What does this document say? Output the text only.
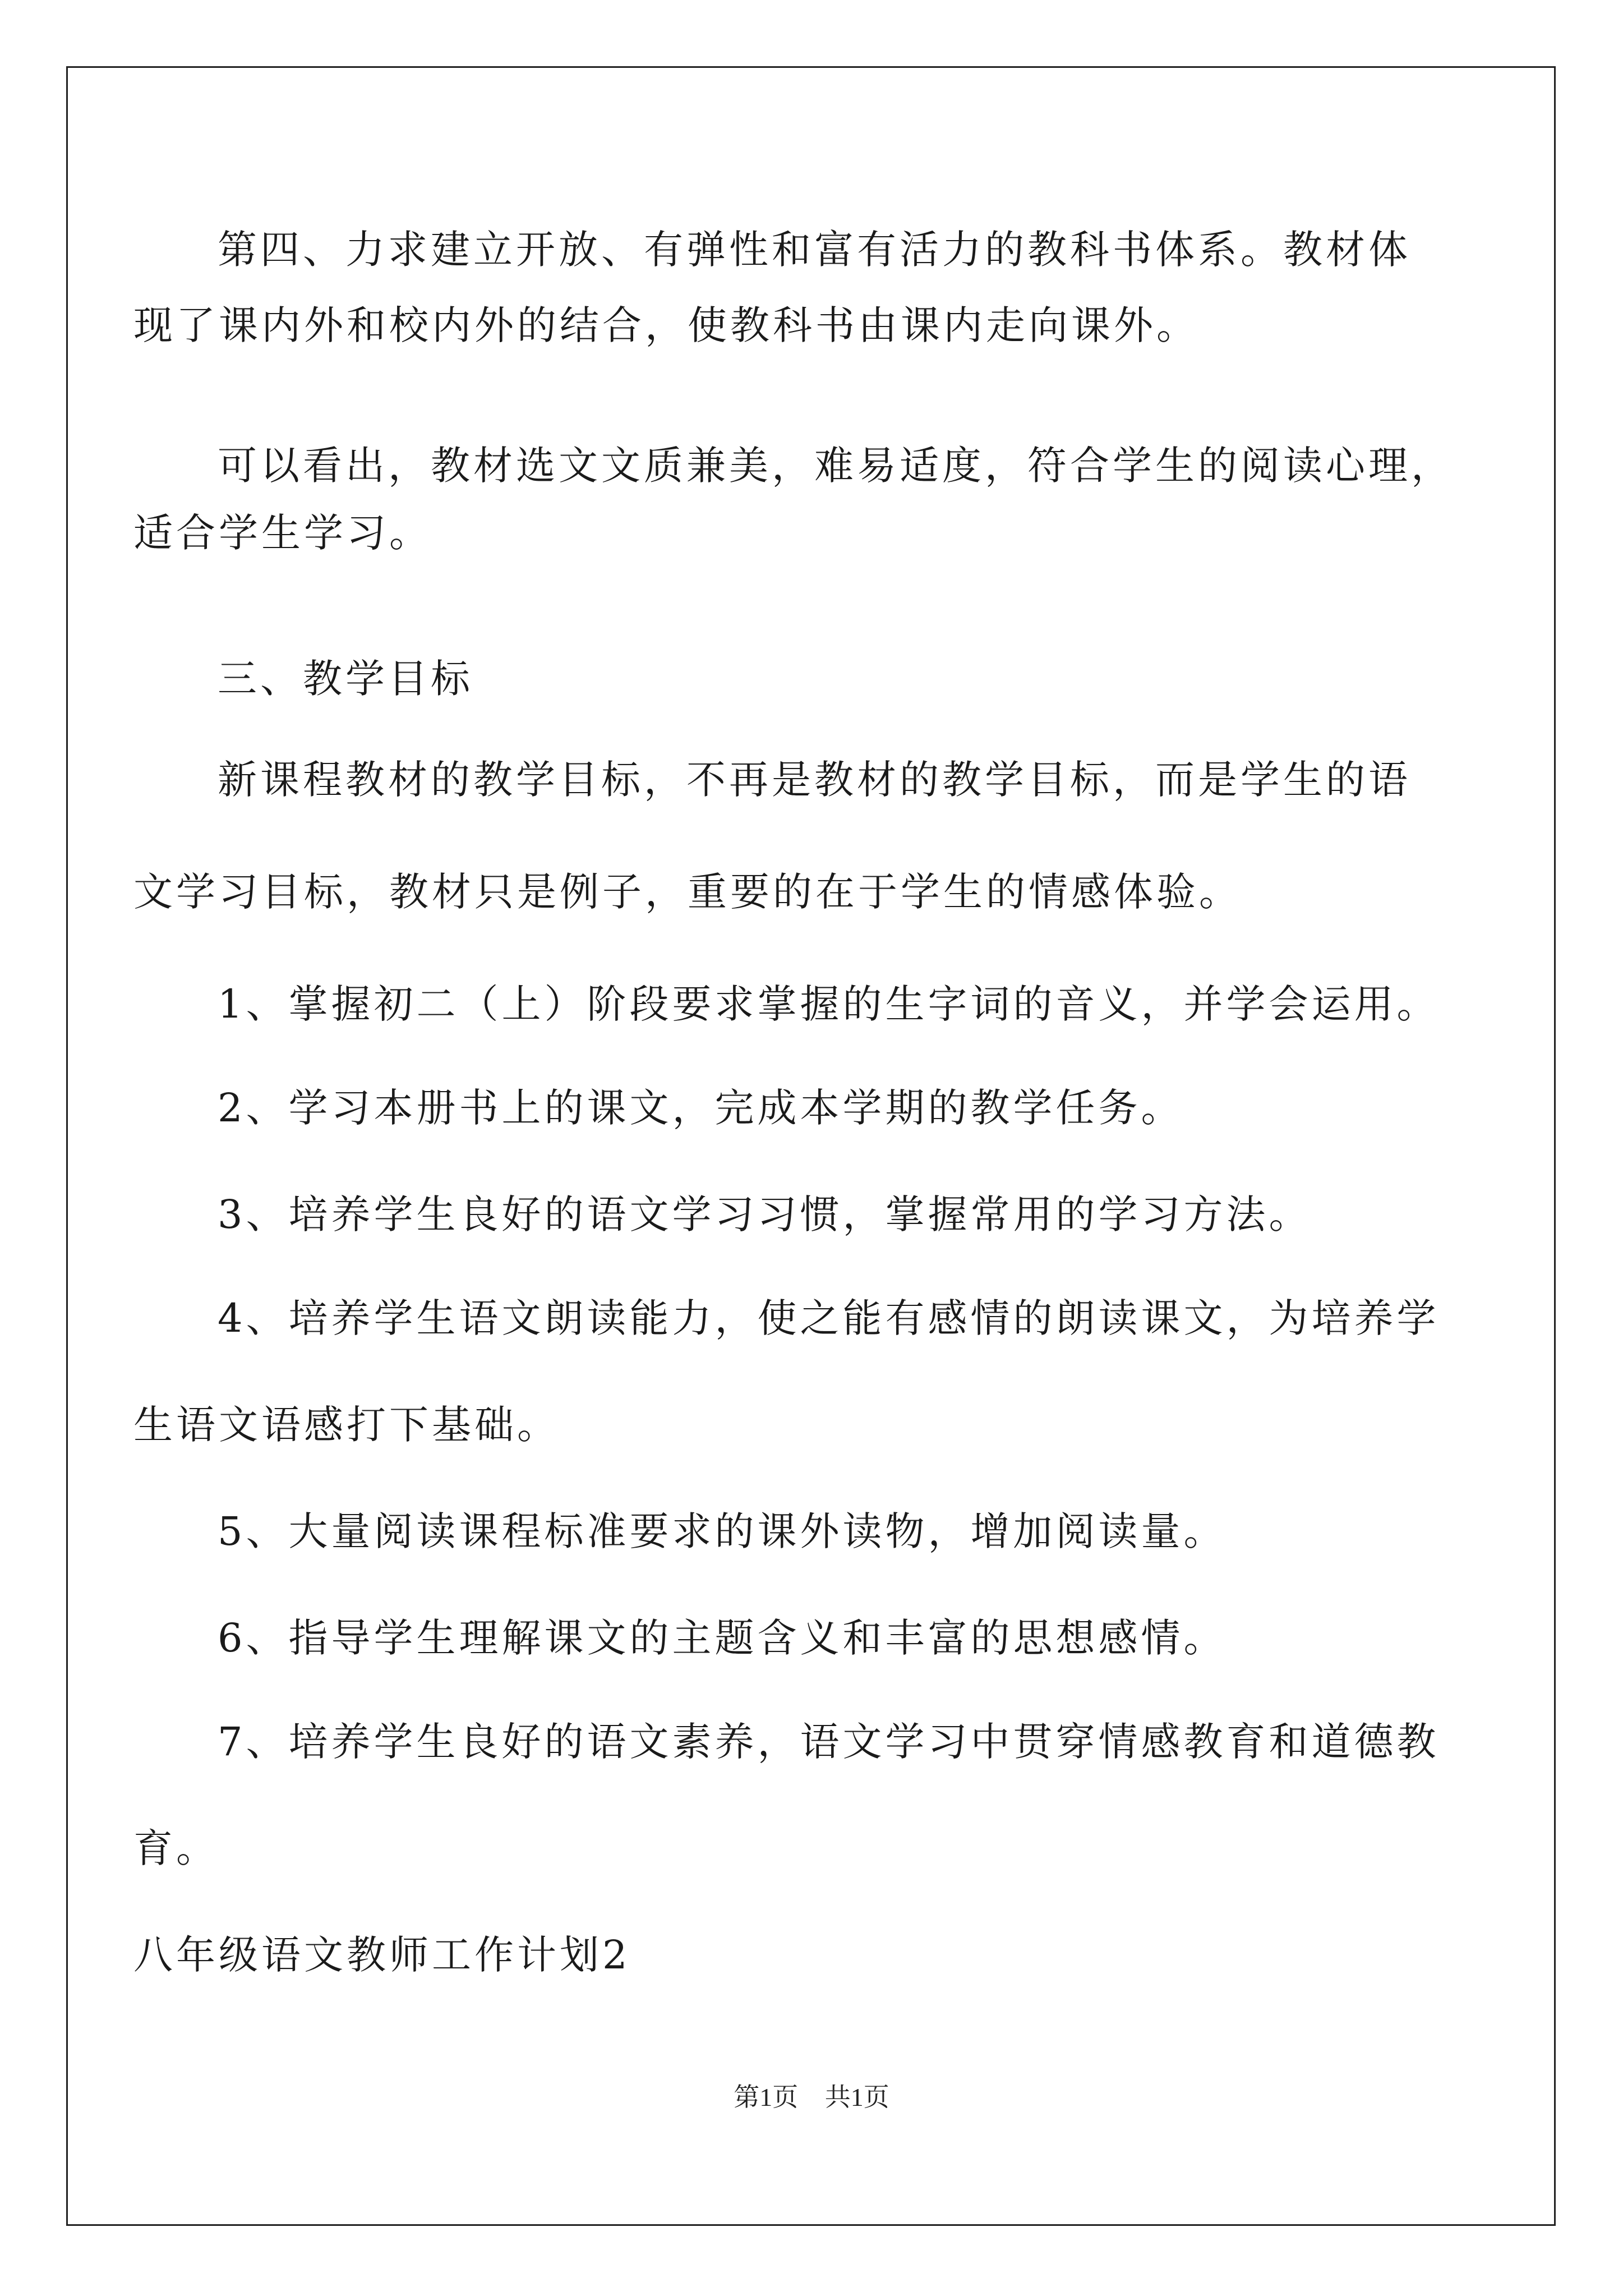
第四、力求建立开放、有弹性和富有活力的教科书体系。教材体
现了课内外和校内外的结合，使教科书由课内走向课外。
可以看出，教材选文文质兼美，难易适度，符合学生的阅读心理，
适合学生学习。
三、教学目标
新课程教材的教学目标，不再是教材的教学目标，而是学生的语
文学习目标，教材只是例子，重要的在于学生的情感体验。
1、掌握初二（上）阶段要求掌握的生字词的音义，并学会运用。
2、学习本册书上的课文，完成本学期的教学任务。
3、培养学生良好的语文学习习惯，掌握常用的学习方法。
4、培养学生语文朗读能力，使之能有感情的朗读课文，为培养学
生语文语感打下基础。
5、大量阅读课程标准要求的课外读物，增加阅读量。
6、指导学生理解课文的主题含义和丰富的思想感情。
7、培养学生良好的语文素养，语文学习中贯穿情感教育和道德教
育。
八年级语文教师工作计划2
第1页 共1页
